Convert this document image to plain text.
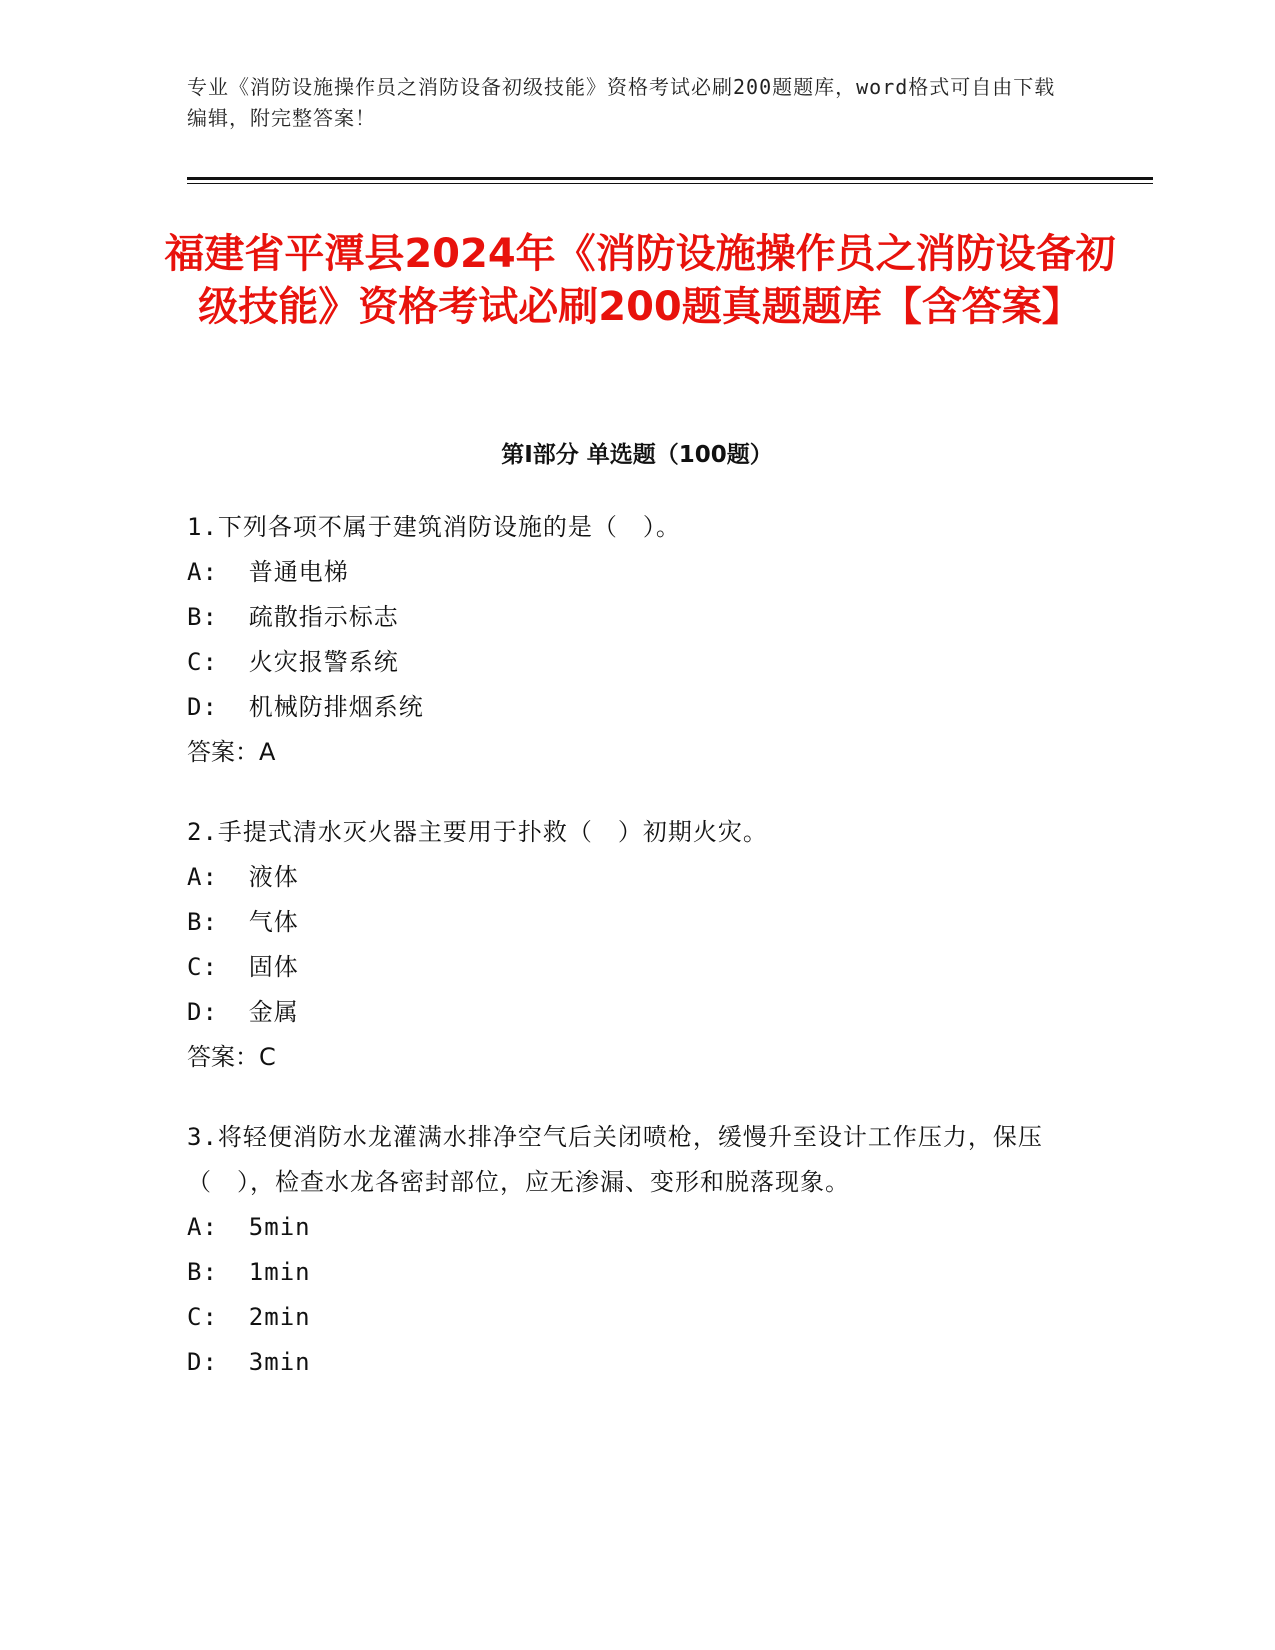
专业《消防设施操作员之消防设备初级技能》资格考试必刷200题题库，word格式可自由下载编辑，附完整答案！
福建省平潭县2024年《消防设施操作员之消防设备初级技能》资格考试必刷200题真题题库【含答案】
第I部分 单选题（100题）
1.下列各项不属于建筑消防设施的是（　）。
A:  普通电梯
B:  疏散指示标志
C:  火灾报警系统
D:  机械防排烟系统
答案：A
2.手提式清水灭火器主要用于扑救（　）初期火灾。
A:  液体
B:  气体
C:  固体
D:  金属
答案：C
3.将轻便消防水龙灌满水排净空气后关闭喷枪，缓慢升至设计工作压力，保压（　），检查水龙各密封部位，应无渗漏、变形和脱落现象。
A:  5min
B:  1min
C:  2min
D:  3min
